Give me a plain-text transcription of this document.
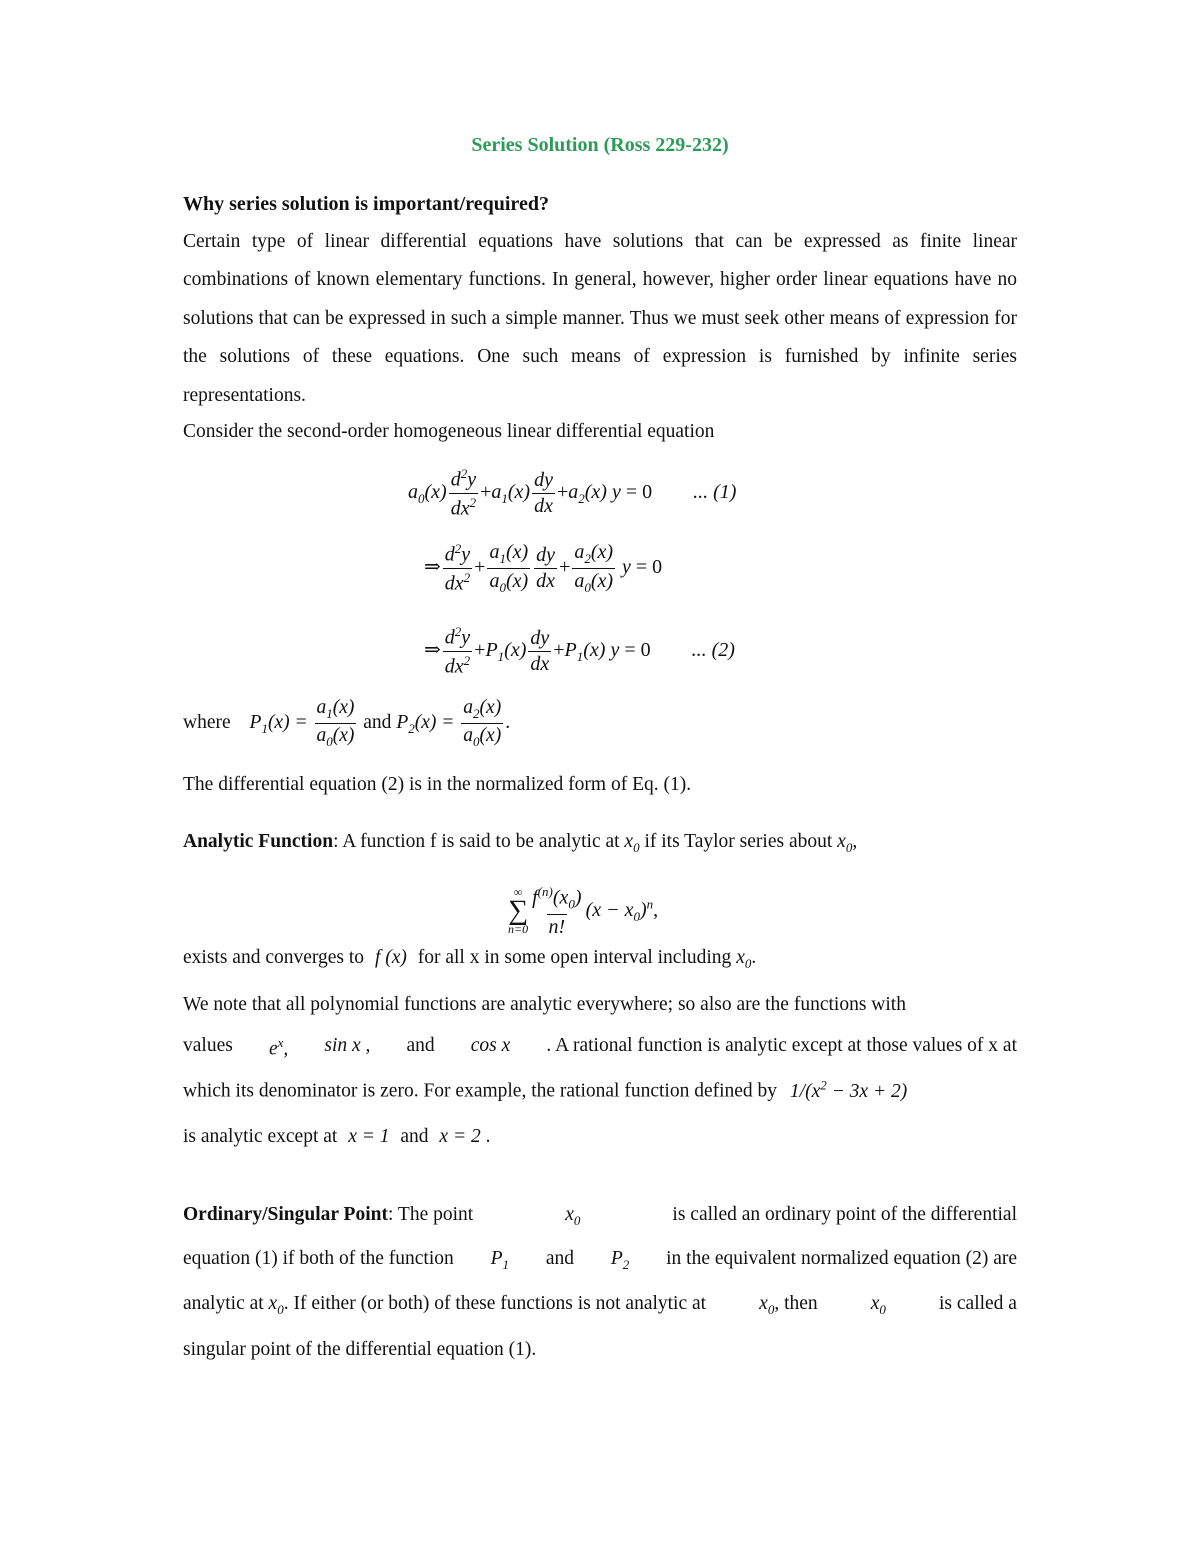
Series Solution (Ross 229-232)
Why series solution is important/required?
Certain type of linear differential equations have solutions that can be expressed as finite linear combinations of known elementary functions. In general, however, higher order linear equations have no solutions that can be expressed in such a simple manner. Thus we must seek other means of expression for the solutions of these equations. One such means of expression is furnished by infinite series representations.
Consider the second-order homogeneous linear differential equation
$a_0(x) \frac{d^2y}{dx^2} +a_1(x) \frac{dy}{dx} +a_2(x) y = 0$ ... (1)
⇒ $\frac{d^2y}{dx^2} + \frac{a_1(x)}{a_0(x)} \frac{dy}{dx} + \frac{a_2(x)}{a_0(x)}$ y = 0
⇒ $\frac{d^2y}{dx^2} +P_1(x) \frac{dy}{dx} +P_1(x) y = 0$ ... (2)
where $P_1(x) = \frac{a_1(x)}{a_0(x)}$ and $P_2(x) = \frac{a_2(x)}{a_0(x)}$ .
The differential equation (2) is in the normalized form of Eq. (1).
Analytic Function: A function f is said to be analytic at $x_0$ if its Taylor series about $x_0$,
∞
∑
$n=0 \frac{f^{(n)}(x_0)}{n!} (x - x_0)^n$,
exists and converges to f (x) for all x in some open interval including $x_0$.
We note that all polynomial functions are analytic everywhere; so also are the functions with
values $e^x$, sin x , and cos x . A rational function is analytic except at those values of x at
which its denominator is zero. For example, the rational function defined by $1/(x^2 - 3x + 2)$
is analytic except at x = 1 and x = 2 .
Ordinary/Singular Point: The point	$x_0$	is called an ordinary point of the differential
equation (1) if both of the function $P_1$ and $P_2$ in the equivalent normalized equation (2) are
analytic at $x_0$. If either (or both) of these functions is not analytic at	$x_0$, then	$x_0$	is called a
singular point of the differential equation (1).
